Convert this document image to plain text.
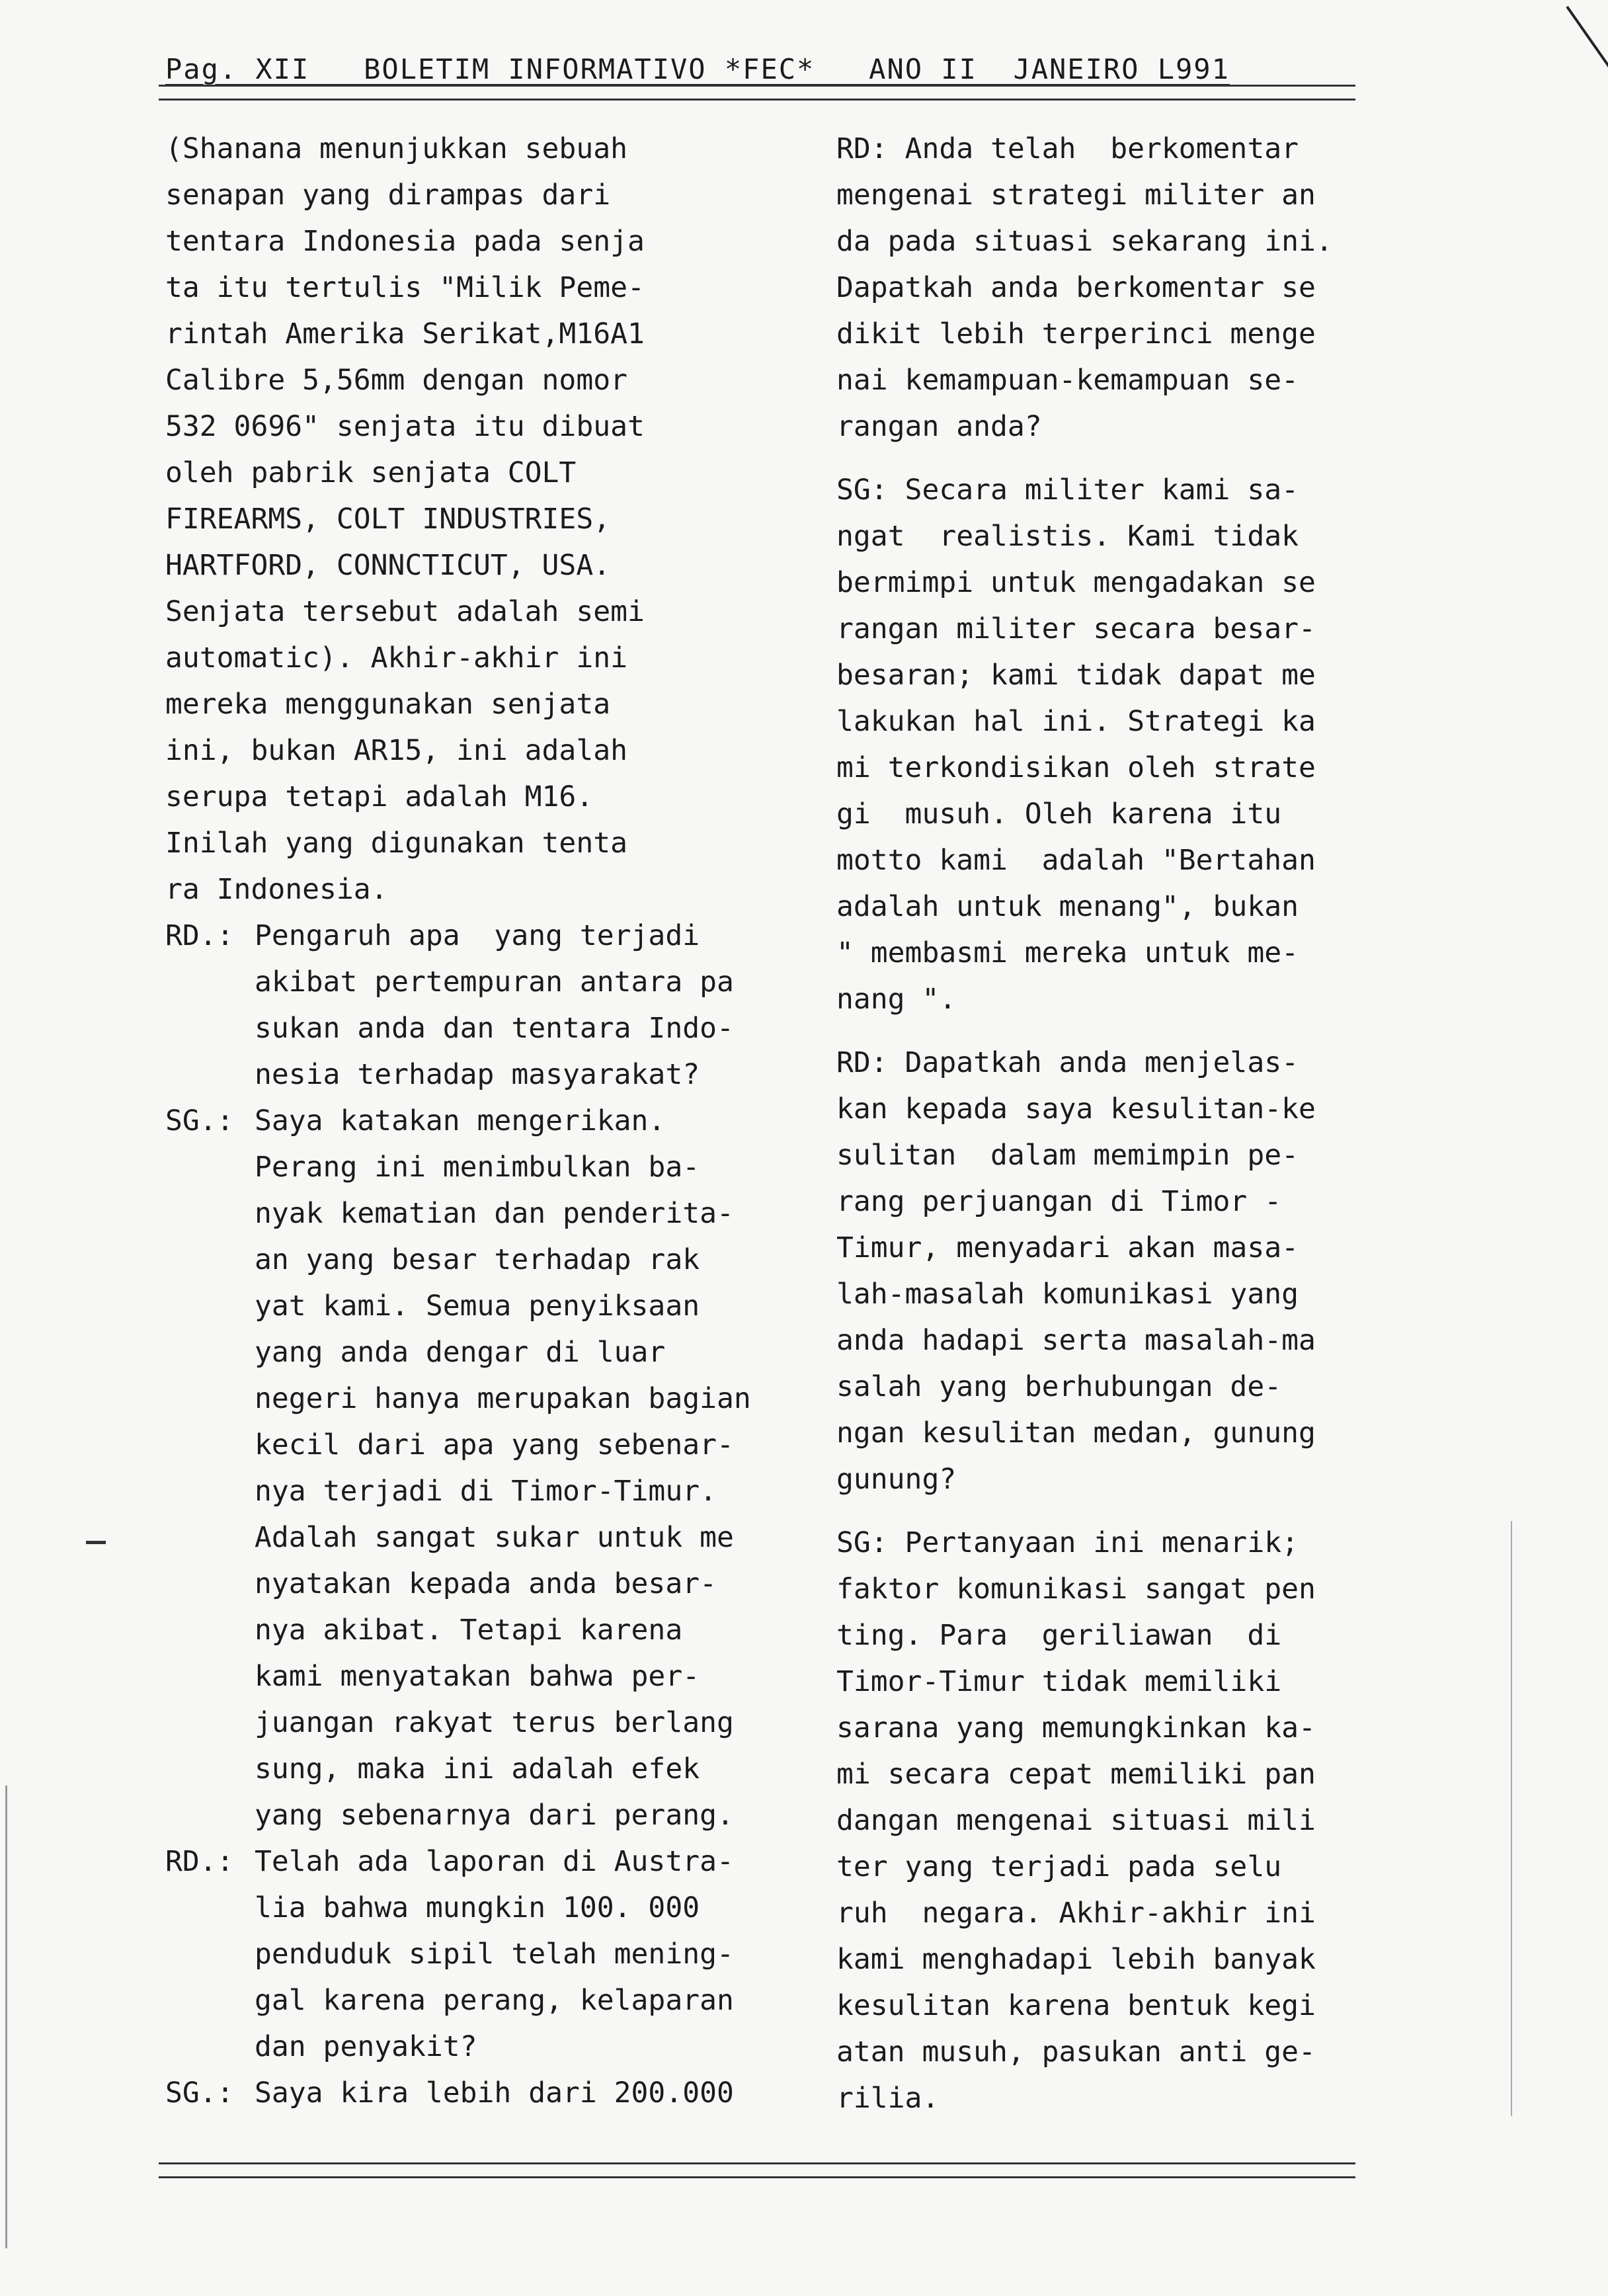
Pag. XII   BOLETIM INFORMATIVO *FEC*   ANO II  JANEIRO L991

(Shanana menunjukkan sebuah

senapan yang dirampas dari

tentara Indonesia pada senja

ta itu tertulis "Milik Peme-

rintah Amerika Serikat,M16A1

Calibre 5,56mm dengan nomor

532 0696" senjata itu dibuat

oleh pabrik senjata COLT

FIREARMS, COLT INDUSTRIES,

HARTFORD, CONNCTICUT, USA.

Senjata tersebut adalah semi

automatic). Akhir-akhir ini

mereka menggunakan senjata

ini, bukan AR15, ini adalah

serupa tetapi adalah M16.

Inilah yang digunakan tenta

ra Indonesia.

RD.: Pengaruh apa  yang terjadi

akibat pertempuran antara pa

sukan anda dan tentara Indo-

nesia terhadap masyarakat?

SG.: Saya katakan mengerikan.

Perang ini menimbulkan ba-

nyak kematian dan penderita-

an yang besar terhadap rak

yat kami. Semua penyiksaan

yang anda dengar di luar

negeri hanya merupakan bagian

kecil dari apa yang sebenar-

nya terjadi di Timor-Timur.

Adalah sangat sukar untuk me

nyatakan kepada anda besar-

nya akibat. Tetapi karena

kami menyatakan bahwa per-

juangan rakyat terus berlang

sung, maka ini adalah efek

yang sebenarnya dari perang.

RD.: Telah ada laporan di Austra-

lia bahwa mungkin 100. 000

penduduk sipil telah mening-

gal karena perang, kelaparan

dan penyakit?

SG.: Saya kira lebih dari 200.000

RD: Anda telah  berkomentar

mengenai strategi militer an

da pada situasi sekarang ini.

Dapatkah anda berkomentar se

dikit lebih terperinci menge

nai kemampuan-kemampuan se-

rangan anda?

SG: Secara militer kami sa-

ngat  realistis. Kami tidak

bermimpi untuk mengadakan se

rangan militer secara besar-

besaran; kami tidak dapat me

lakukan hal ini. Strategi ka

mi terkondisikan oleh strate

gi  musuh. Oleh karena itu

motto kami  adalah "Bertahan

adalah untuk menang", bukan

" membasmi mereka untuk me-

nang ".

RD: Dapatkah anda menjelas-

kan kepada saya kesulitan-ke

sulitan  dalam memimpin pe-

rang perjuangan di Timor -

Timur, menyadari akan masa-

lah-masalah komunikasi yang

anda hadapi serta masalah-ma

salah yang berhubungan de-

ngan kesulitan medan, gunung

gunung?

SG: Pertanyaan ini menarik;

faktor komunikasi sangat pen

ting. Para  geriliawan  di

Timor-Timur tidak memiliki

sarana yang memungkinkan ka-

mi secara cepat memiliki pan

dangan mengenai situasi mili

ter yang terjadi pada selu

ruh  negara. Akhir-akhir ini

kami menghadapi lebih banyak

kesulitan karena bentuk kegi

atan musuh, pasukan anti ge-

rilia.
